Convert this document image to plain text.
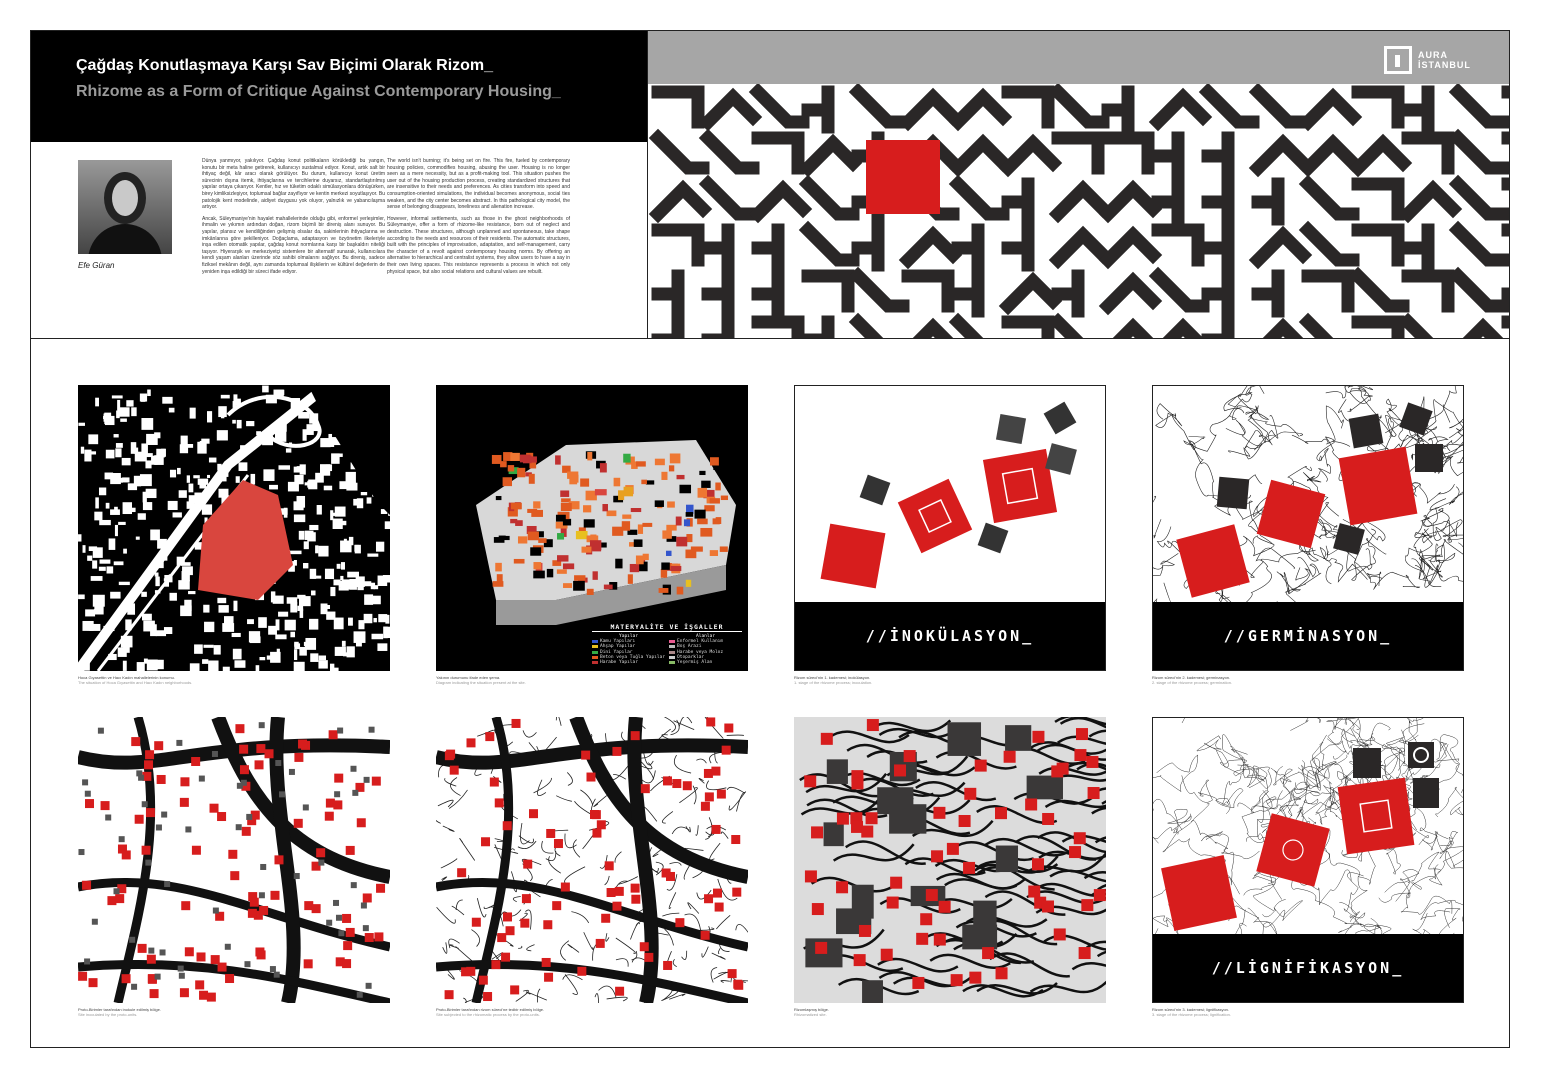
Çağdaş Konutlaşmaya Karşı Sav Biçimi Olarak Rizom_
Rhizome as a Form of Critique Against Contemporary Housing_
AURA
İSTANBUL
Efe Güran

Dünya yanmıyor, yakılıyor. Çağdaş konut politikaların körüklediği bu yangın, konutu bir meta haline getirerek, kullanıcıyı sustalmal ediyor. Konut, artık salt bir ihtiyaç değil, kâr aracı olarak görülüyor. Bu durum, kullanıcıyı konut üretim sürecinin dışına itemk, ihtiyaçlarına ve tercihlerine duyarsız, standartlaştırılmış yapılar ortaya çıkarıyor. Kentler, hız ve tüketim odaklı simülasyonlara dönüşürken, birey kimliksizleşiyor, toplumsal bağlar zayıflıyor ve kentin merkezi soyutlaşıyor. Bu patolojik kent modelinde, aidiyet duygusu yok oluyor, yalnızlık ve yabancılaşma artıyor.

Ancak, Süleymaniye'nin hayalet mahallelerinde olduğu gibi, enformel yerleşimler, ihmalin ve yıkımın ardından doğan, rizom biçimli bir direniş alanı sunuyor. Bu yapılar, plansız ve kendiliğinden gelişmiş olsalar da, sakinlerinin ihtiyaçlarına ve imkânlarına göre şekilleniyor. Doğaçlama, adaptasyon ve özyönetim ilkeleriyle inşa edilen otomatik yapılar, çağdaş konut normlarına karşı bir başkaldırı niteliği taşıyor. Hiyerarşik ve merkeziyetçi sistemlere bir alternatif sunarak, kullanıcılara kendi yaşam alanları üzerinde söz sahibi olmalarını sağlıyor. Bu direniş, sadece fiziksel mekânın değil, aynı zamanda toplumsal ilişkilerin ve kültürel değerlerin de yeniden inşa edildiği bir süreci ifade ediyor.

The world isn't burning; it's being set on fire. This fire, fueled by contemporary housing policies, commodifies housing, abusing the user. Housing is no longer seen as a mere necessity, but as a profit-making tool. This situation pushes the user out of the housing production process, creating standardized structures that are insensitive to their needs and preferences. As cities transform into speed and consumption-oriented simulations, the individual becomes anonymous, social ties weaken, and the city center becomes abstract. In this pathological city model, the sense of belonging disappears, loneliness and alienation increase.

However, informal settlements, such as those in the ghost neighborhoods of Süleymaniye, offer a form of rhizome-like resistance, born out of neglect and destruction. These structures, although unplanned and spontaneous, take shape according to the needs and resources of their residents. The automatic structures, built with the principles of improvisation, adaptation, and self-management, carry the character of a revolt against contemporary housing norms. By offering an alternative to hierarchical and centralist systems, they allow users to have a say in their own living spaces. This resistance represents a process in which not only physical space, but also social relations and cultural values are rebuilt.

Hoca Gıyasettin ve Hacı Kadın mahallelerinin konumu.
The situation of Hoca Gıyasettin and Hacı Kadın neighborhoods.
MATERYALİTE VE İŞGALLER
Yapılar
Kamu Yapıları
Ahşap Yapılar
Dini Yapılar
Beton veya Tuğla Yapılar
Harabe Yapılar
Alanlar
Enformel Kullanım
Boş Arazi
Harabe veya Moloz
Otoparklar
Yeşermiş Alan
Yakının durumunu ifade eden şema.
Diagram indicating the situation present at the site.
//İNOKÜLASYON_
Rizom süreci'nin 1. kademesi; inokülasyon.
1. stage of the rhizome process; inoculation.
//GERMİNASYON_
Rizom süreci'nin 2. kademesi; germinasyon.
2. stage of the rhizome process; germination.
Proto-Birimler tarafından inokule edilmiş bölge.
Site inoculated by the proto-units.
Proto-Birimler tarafından rizom süreci'ne tedbir edilmiş bölge.
Site subjected to the rhizomatic process by the proto-units.
Rizomlaşmış bölge.
Rhizomatized site.
//LİGNİFİKASYON_
Rizom süreci'nin 3. kademesi; lignifikasyon.
3. stage of the rhizome process; lignification.
